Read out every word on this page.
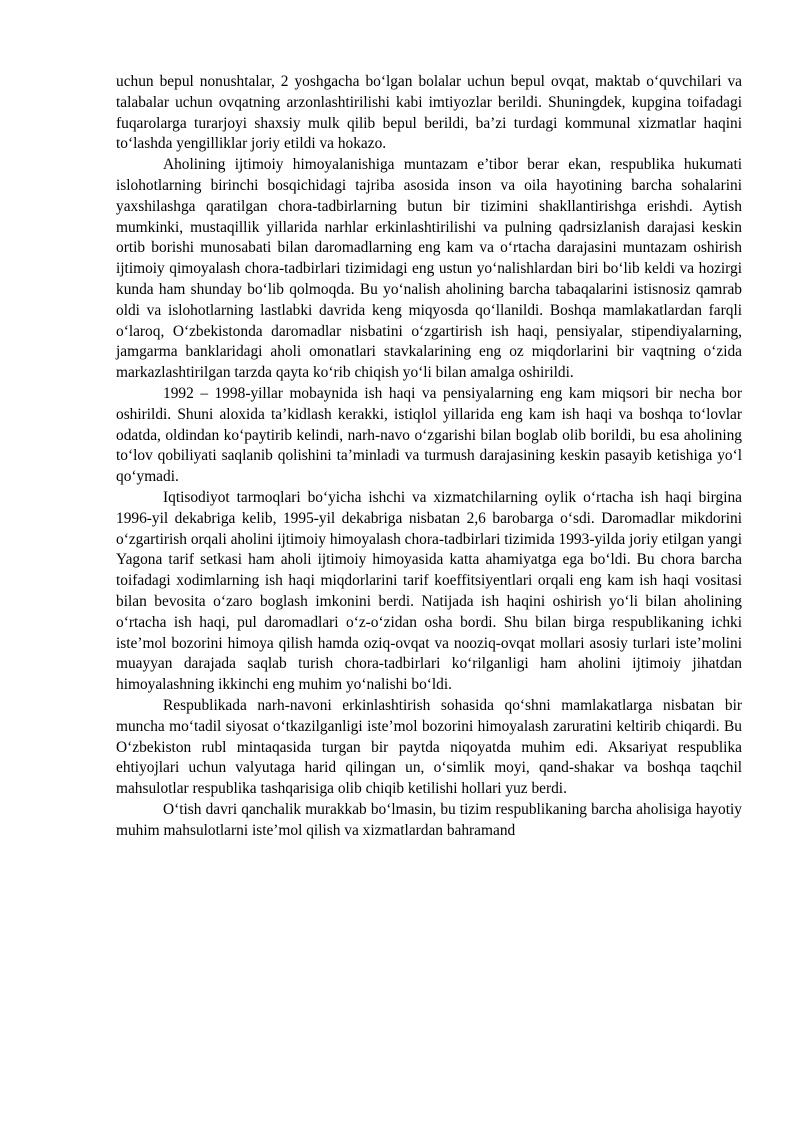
uchun bepul nonushtalar, 2 yoshgacha bo‘lgan bolalar uchun bepul ovqat, maktab o‘quvchilari va talabalar uchun ovqatning arzonlashtirilishi kabi imtiyozlar berildi. Shuningdek, kupgina toifadagi fuqarolarga turarjoyi shaxsiy mulk qilib bepul berildi, ba’zi turdagi kommunal xizmatlar haqini to‘lashda yengilliklar joriy etildi va hokazo.

Aholining ijtimoiy himoyalanishiga muntazam e’tibor berar ekan, respublika hukumati islohotlarning birinchi bosqichidagi tajriba asosida inson va oila hayotining barcha sohalarini yaxshilashga qaratilgan chora-tadbirlarning butun bir tizimini shakllantirishga erishdi. Aytish mumkinki, mustaqillik yillarida narhlar erkinlashtirilishi va pulning qadrsizlanish darajasi keskin ortib borishi munosabati bilan daromadlarning eng kam va o‘rtacha darajasini muntazam oshirish ijtimoiy qimoyalash chora-tadbirlari tizimidagi eng ustun yo‘nalishlardan biri bo‘lib keldi va hozirgi kunda ham shunday bo‘lib qolmoqda. Bu yo‘nalish aholining barcha tabaqalarini istisnosiz qamrab oldi va islohotlarning lastlabki davrida keng miqyosda qo‘llanildi. Boshqa mamlakatlardan farqli o‘laroq, O‘zbekistonda daromadlar nisbatini o‘zgartirish ish haqi, pensiyalar, stipendiyalarning, jamgarma banklaridagi aholi omonatlari stavkalarining eng oz miqdorlarini bir vaqtning o‘zida markazlashtirilgan tarzda qayta ko‘rib chiqish yo‘li bilan amalga oshirildi.

1992 – 1998-yillar mobaynida ish haqi va pensiyalarning eng kam miqsori bir necha bor oshirildi. Shuni aloxida ta’kidlash kerakki, istiqlol yillarida eng kam ish haqi va boshqa to‘lovlar odatda, oldindan ko‘paytirib kelindi, narh-navo o‘zgarishi bilan boglab olib borildi, bu esa aholining to‘lov qobiliyati saqlanib qolishini ta’minladi va turmush darajasining keskin pasayib ketishiga yo‘l qo‘ymadi.

Iqtisodiyot tarmoqlari bo‘yicha ishchi va xizmatchilarning oylik o‘rtacha ish haqi birgina 1996-yil dekabriga kelib, 1995-yil dekabriga nisbatan 2,6 barobarga o‘sdi. Daromadlar mikdorini o‘zgartirish orqali aholini ijtimoiy himoyalash chora-tadbirlari tizimida 1993-yilda joriy etilgan yangi Yagona tarif setkasi ham aholi ijtimoiy himoyasida katta ahamiyatga ega bo‘ldi. Bu chora barcha toifadagi xodimlarning ish haqi miqdorlarini tarif koeffitsiyentlari orqali eng kam ish haqi vositasi bilan bevosita o‘zaro boglash imkonini berdi. Natijada ish haqini oshirish yo‘li bilan aholining o‘rtacha ish haqi, pul daromadlari o‘z-o‘zidan osha bordi. Shu bilan birga respublikaning ichki iste’mol bozorini himoya qilish hamda oziq-ovqat va nooziq-ovqat mollari asosiy turlari iste’molini muayyan darajada saqlab turish chora-tadbirlari ko‘rilganligi ham aholini ijtimoiy jihatdan himoyalashning ikkinchi eng muhim yo‘nalishi bo‘ldi.

Respublikada narh-navoni erkinlashtirish sohasida qo‘shni mamlakatlarga nisbatan bir muncha mo‘tadil siyosat o‘tkazilganligi iste’mol bozorini himoyalash zaruratini keltirib chiqardi. Bu O‘zbekiston rubl mintaqasida turgan bir paytda niqoyatda muhim edi. Aksariyat respublika ehtiyojlari uchun valyutaga harid qilingan un, o‘simlik moyi, qand-shakar va boshqa taqchil mahsulotlar respublika tashqarisiga olib chiqib ketilishi hollari yuz berdi.

O‘tish davri qanchalik murakkab bo‘lmasin, bu tizim respublikaning barcha aholisiga hayotiy muhim mahsulotlarni iste’mol qilish va xizmatlardan bahramand
